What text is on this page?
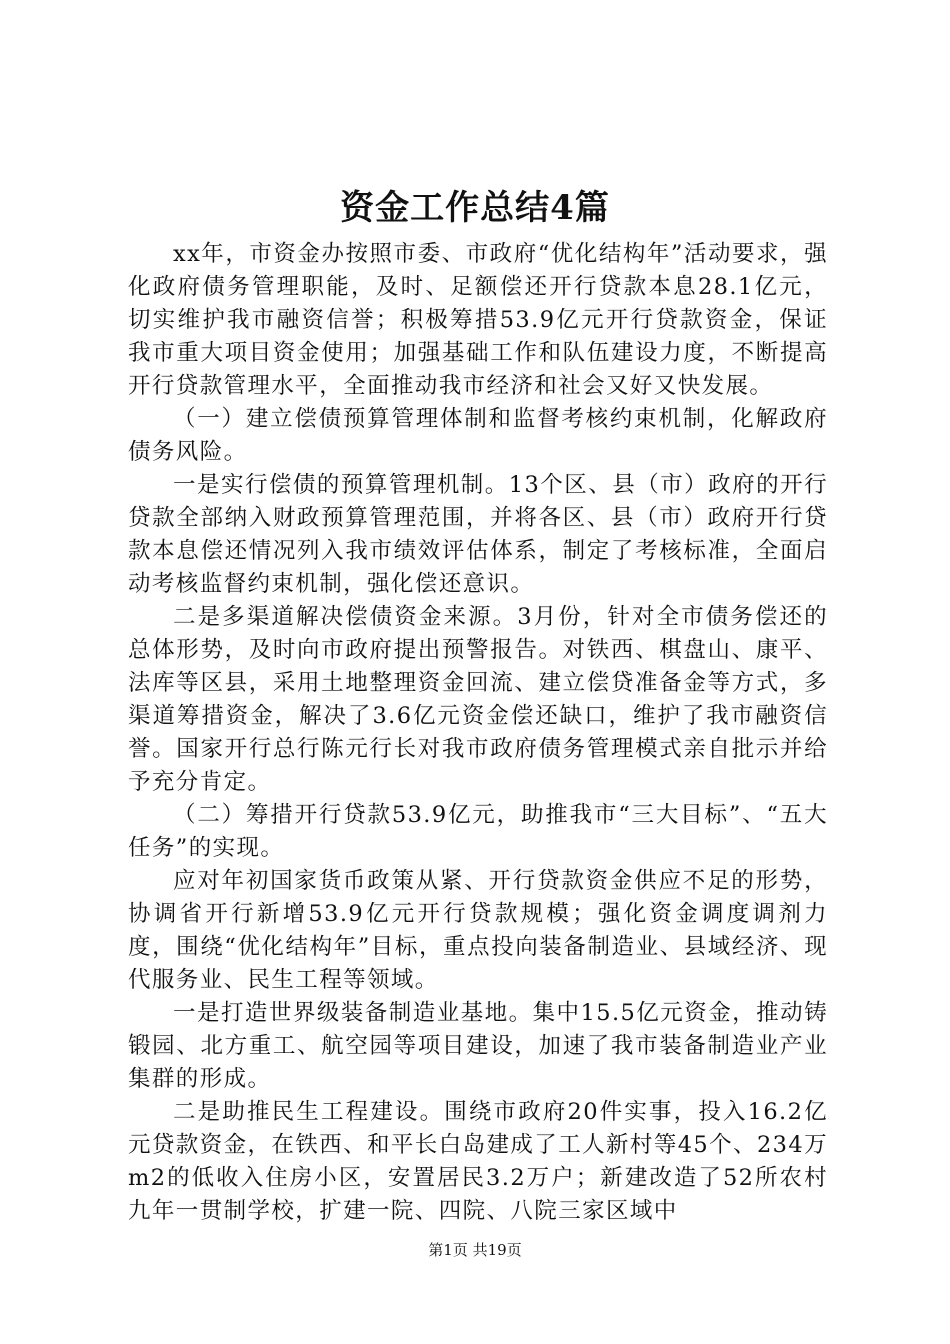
资金工作总结4篇

xx年，市资金办按照市委、市政府“优化结构年”活动要求，强化政府债务管理职能，及时、足额偿还开行贷款本息28.1亿元，切实维护我市融资信誉；积极筹措53.9亿元开行贷款资金，保证我市重大项目资金使用；加强基础工作和队伍建设力度，不断提高开行贷款管理水平，全面推动我市经济和社会又好又快发展。

（一）建立偿债预算管理体制和监督考核约束机制，化解政府债务风险。

一是实行偿债的预算管理机制。13个区、县（市）政府的开行贷款全部纳入财政预算管理范围，并将各区、县（市）政府开行贷款本息偿还情况列入我市绩效评估体系，制定了考核标准，全面启动考核监督约束机制，强化偿还意识。

二是多渠道解决偿债资金来源。3月份，针对全市债务偿还的总体形势，及时向市政府提出预警报告。对铁西、棋盘山、康平、法库等区县，采用土地整理资金回流、建立偿贷准备金等方式，多渠道筹措资金，解决了3.6亿元资金偿还缺口，维护了我市融资信誉。国家开行总行陈元行长对我市政府债务管理模式亲自批示并给予充分肯定。

（二）筹措开行贷款53.9亿元，助推我市“三大目标”、“五大任务”的实现。

应对年初国家货币政策从紧、开行贷款资金供应不足的形势，协调省开行新增53.9亿元开行贷款规模；强化资金调度调剂力度，围绕“优化结构年”目标，重点投向装备制造业、县域经济、现代服务业、民生工程等领域。

一是打造世界级装备制造业基地。集中15.5亿元资金，推动铸锻园、北方重工、航空园等项目建设，加速了我市装备制造业产业集群的形成。

二是助推民生工程建设。围绕市政府20件实事，投入16.2亿元贷款资金，在铁西、和平长白岛建成了工人新村等45个、234万m2的低收入住房小区，安置居民3.2万户；新建改造了52所农村九年一贯制学校，扩建一院、四院、八院三家区域中

第1页 共19页
